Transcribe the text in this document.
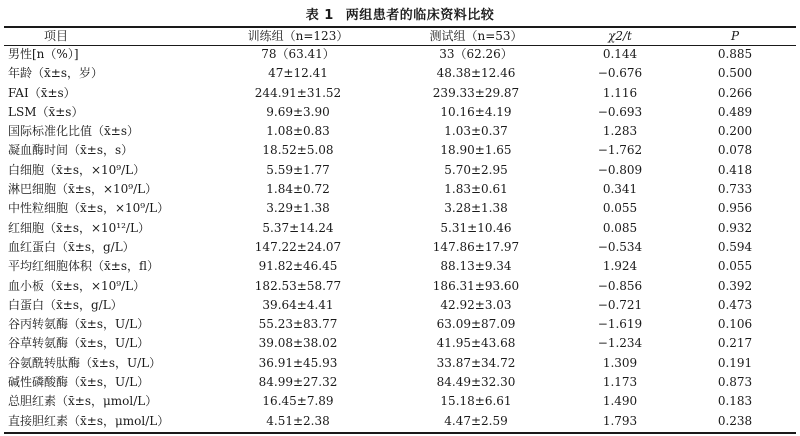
表 1 两组患者的临床资料比较
项目	训练组（n=123）	测试组（n=53）	χ2/t	P
男性[n（%）]	78（63.41）	33（62.26）	0.144	0.885
年龄（x̄±s，岁）	47±12.41	48.38±12.46	−0.676	0.500
FAI（x̄±s）	244.91±31.52	239.33±29.87	1.116	0.266
LSM（x̄±s）	9.69±3.90	10.16±4.19	−0.693	0.489
国际标准化比值（x̄±s）	1.08±0.83	1.03±0.37	1.283	0.200
凝血酶时间（x̄±s，s）	18.52±5.08	18.90±1.65	−1.762	0.078
白细胞（x̄±s，×10⁹/L）	5.59±1.77	5.70±2.95	−0.809	0.418
淋巴细胞（x̄±s，×10⁹/L）	1.84±0.72	1.83±0.61	0.341	0.733
中性粒细胞（x̄±s，×10⁹/L）	3.29±1.38	3.28±1.38	0.055	0.956
红细胞（x̄±s，×10¹²/L）	5.37±14.24	5.31±10.46	0.085	0.932
血红蛋白（x̄±s，g/L）	147.22±24.07	147.86±17.97	−0.534	0.594
平均红细胞体积（x̄±s，fl）	91.82±46.45	88.13±9.34	1.924	0.055
血小板（x̄±s，×10⁹/L）	182.53±58.77	186.31±93.60	−0.856	0.392
白蛋白（x̄±s，g/L）	39.64±4.41	42.92±3.03	−0.721	0.473
谷丙转氨酶（x̄±s，U/L）	55.23±83.77	63.09±87.09	−1.619	0.106
谷草转氨酶（x̄±s，U/L）	39.08±38.02	41.95±43.68	−1.234	0.217
谷氨酰转肽酶（x̄±s，U/L）	36.91±45.93	33.87±34.72	1.309	0.191
碱性磷酸酶（x̄±s，U/L）	84.99±27.32	84.49±32.30	1.173	0.873
总胆红素（x̄±s，μmol/L）	16.45±7.89	15.18±6.61	1.490	0.183
直接胆红素（x̄±s，μmol/L）	4.51±2.38	4.47±2.59	1.793	0.238
